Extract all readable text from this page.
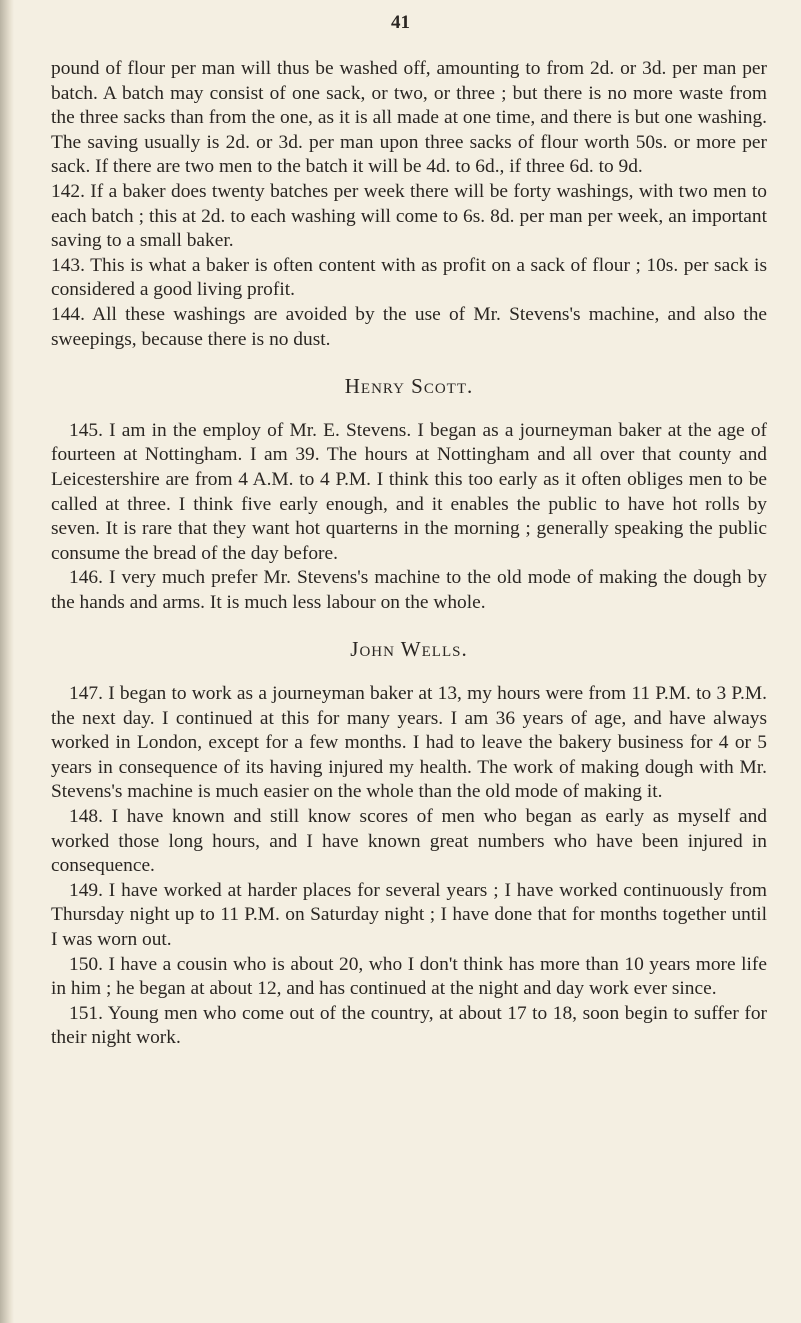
41

pound of flour per man will thus be washed off, amounting to from 2d. or 3d. per man per batch. A batch may consist of one sack, or two, or three ; but there is no more waste from the three sacks than from the one, as it is all made at one time, and there is but one washing. The saving usually is 2d. or 3d. per man upon three sacks of flour worth 50s. or more per sack. If there are two men to the batch it will be 4d. to 6d., if three 6d. to 9d.

142. If a baker does twenty batches per week there will be forty washings, with two men to each batch ; this at 2d. to each washing will come to 6s. 8d. per man per week, an important saving to a small baker.

143. This is what a baker is often content with as profit on a sack of flour ; 10s. per sack is considered a good living profit.

144. All these washings are avoided by the use of Mr. Stevens's machine, and also the sweepings, because there is no dust.

Henry Scott.

145. I am in the employ of Mr. E. Stevens. I began as a journeyman baker at the age of fourteen at Nottingham. I am 39. The hours at Nottingham and all over that county and Leicestershire are from 4 A.M. to 4 P.M. I think this too early as it often obliges men to be called at three. I think five early enough, and it enables the public to have hot rolls by seven. It is rare that they want hot quarterns in the morning ; generally speaking the public consume the bread of the day before.

146. I very much prefer Mr. Stevens's machine to the old mode of making the dough by the hands and arms. It is much less labour on the whole.

John Wells.

147. I began to work as a journeyman baker at 13, my hours were from 11 P.M. to 3 P.M. the next day. I continued at this for many years. I am 36 years of age, and have always worked in London, except for a few months. I had to leave the bakery business for 4 or 5 years in consequence of its having injured my health. The work of making dough with Mr. Stevens's machine is much easier on the whole than the old mode of making it.

148. I have known and still know scores of men who began as early as myself and worked those long hours, and I have known great numbers who have been injured in consequence.

149. I have worked at harder places for several years ; I have worked continuously from Thursday night up to 11 P.M. on Saturday night ; I have done that for months together until I was worn out.

150. I have a cousin who is about 20, who I don't think has more than 10 years more life in him ; he began at about 12, and has continued at the night and day work ever since.

151. Young men who come out of the country, at about 17 to 18, soon begin to suffer for their night work.
